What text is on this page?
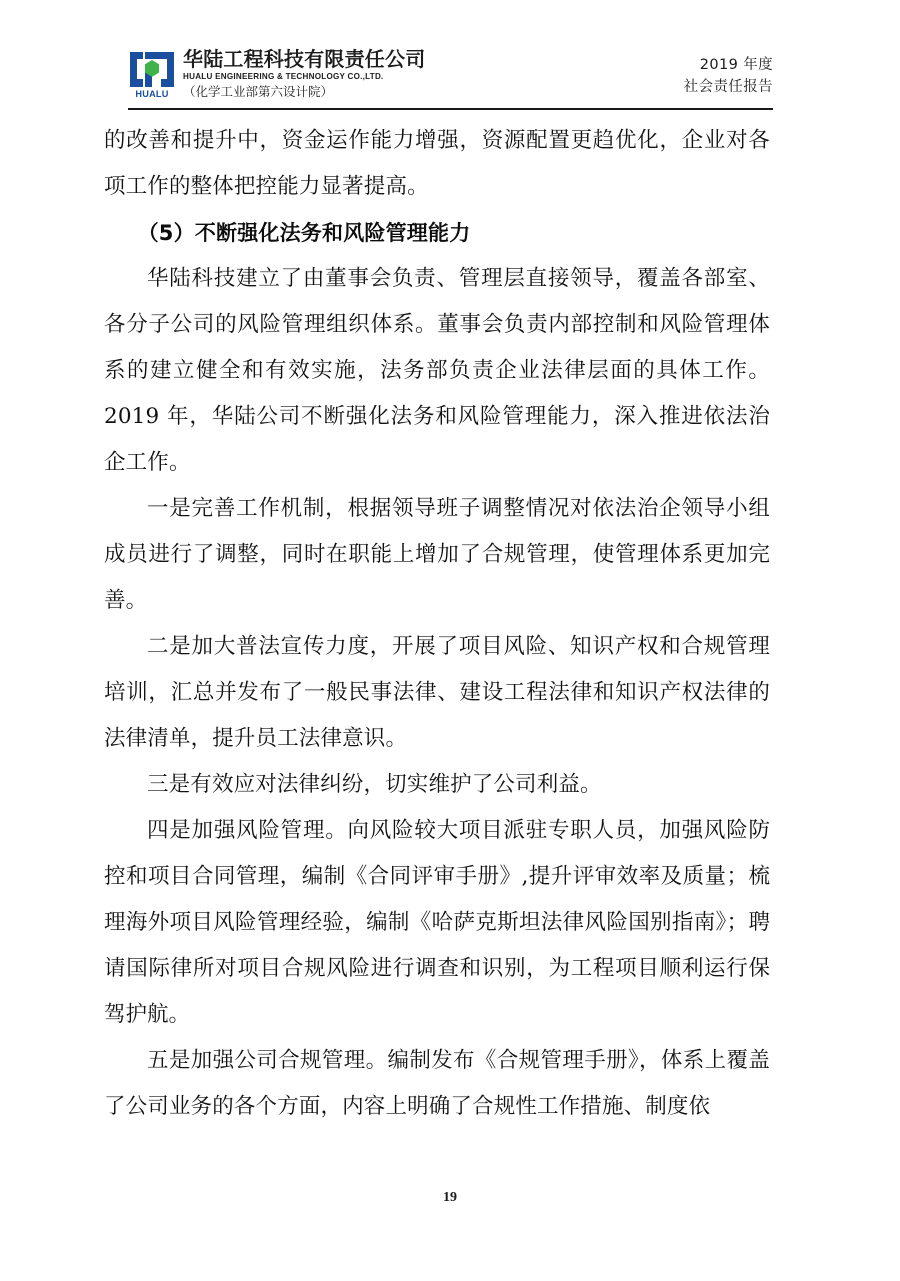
HUALU
华陆工程科技有限责任公司
HUALU ENGINEERING & TECHNOLOGY CO.,LTD.
（化学工业部第六设计院）
2019 年度
社会责任报告

的改善和提升中，资金运作能力增强，资源配置更趋优化，企业对各项工作的整体把控能力显著提高。

（5）不断强化法务和风险管理能力

华陆科技建立了由董事会负责、管理层直接领导，覆盖各部室、各分子公司的风险管理组织体系。董事会负责内部控制和风险管理体系的建立健全和有效实施，法务部负责企业法律层面的具体工作。2019 年，华陆公司不断强化法务和风险管理能力，深入推进依法治企工作。

一是完善工作机制，根据领导班子调整情况对依法治企领导小组成员进行了调整，同时在职能上增加了合规管理，使管理体系更加完善。

二是加大普法宣传力度，开展了项目风险、知识产权和合规管理培训，汇总并发布了一般民事法律、建设工程法律和知识产权法律的法律清单，提升员工法律意识。

三是有效应对法律纠纷，切实维护了公司利益。

四是加强风险管理。向风险较大项目派驻专职人员，加强风险防控和项目合同管理，编制《合同评审手册》,提升评审效率及质量；梳理海外项目风险管理经验，编制《哈萨克斯坦法律风险国别指南》；聘请国际律所对项目合规风险进行调查和识别，为工程项目顺利运行保驾护航。

五是加强公司合规管理。编制发布《合规管理手册》，体系上覆盖了公司业务的各个方面，内容上明确了合规性工作措施、制度依

19
